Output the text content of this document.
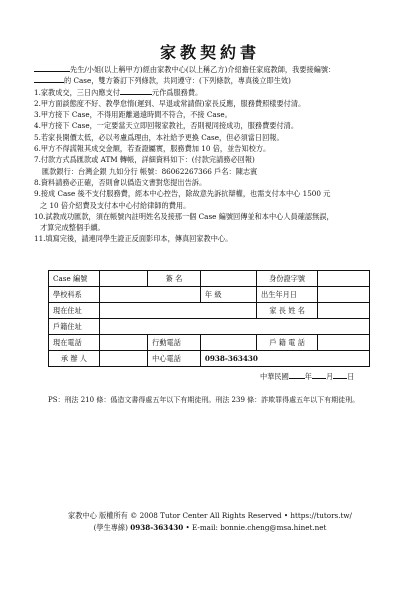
家教契約書
先生/小姐(以上稱甲方)經由家教中心(以上稱乙方)介紹擔任家庭教師，我要接編號：
的 Case，雙方簽訂下列條款，共同遵守：(下列條款，專真後立即生效)
1.家教成交，三日內應支付	元作爲服務費。
2.甲方面談態度不好、教學怠惰(遲到、早退或常請假)家長反應，服務費照樣要付清。
3.甲方接下 Case，不得用距離過遠時間不符合，不接 Case。
4.甲方接下 Case，一定要當天立即回報家教社，否則視同接成功，服務費要付清。
5.若家長開價太低，必以考慮爲理由，本社給予更換 Case，但必須當日回報。
6.甲方不得謊報其成交金額，若查證屬實，服務費加 10 倍，並告知校方。
7.付款方式爲匯款或 ATM 轉帳，詳細資料如下：(付款完請務必回報)
匯款銀行：台灣企銀 九如分行 帳號：86062267366 戶名：陳志賓
8.資料請務必正確，否則會以僞造文書對您提出告訴。
9.接成 Case 後不支付服務費，經本中心控告，除故意先訴抗辯權，也需支付本中心 1500 元
之 10 倍介紹費及支付本中心付給律師的費用。
10.試教成功匯款，須在帳號內註明姓名及接那一個 Case 編號回傳並和本中心人員確認無誤，
才算完成整個手續。
11.填寫完後，請連同學生證正反面影印本，傳真回家教中心。
Case 編號		簽 名		身份證字號	
學校科系			年 級	出生年月日	
現在住址				家 長 姓 名	
戶籍住址					
現在電話		行動電話		戶 籍 電 話	
承 辦 人		中心電話	0938-363430		
中華民國 年 月 日
PS：刑法 210 條：僞造文書得處五年以下有期徒刑。刑法 239 條：詐欺罪得處五年以下有期徒刑。
家教中心 版權所有 © 2008 Tutor Center All Rights Reserved • https://tutors.tw/
(學生專線) 0938-363430 • E-mail: bonnie.cheng@msa.hinet.net
